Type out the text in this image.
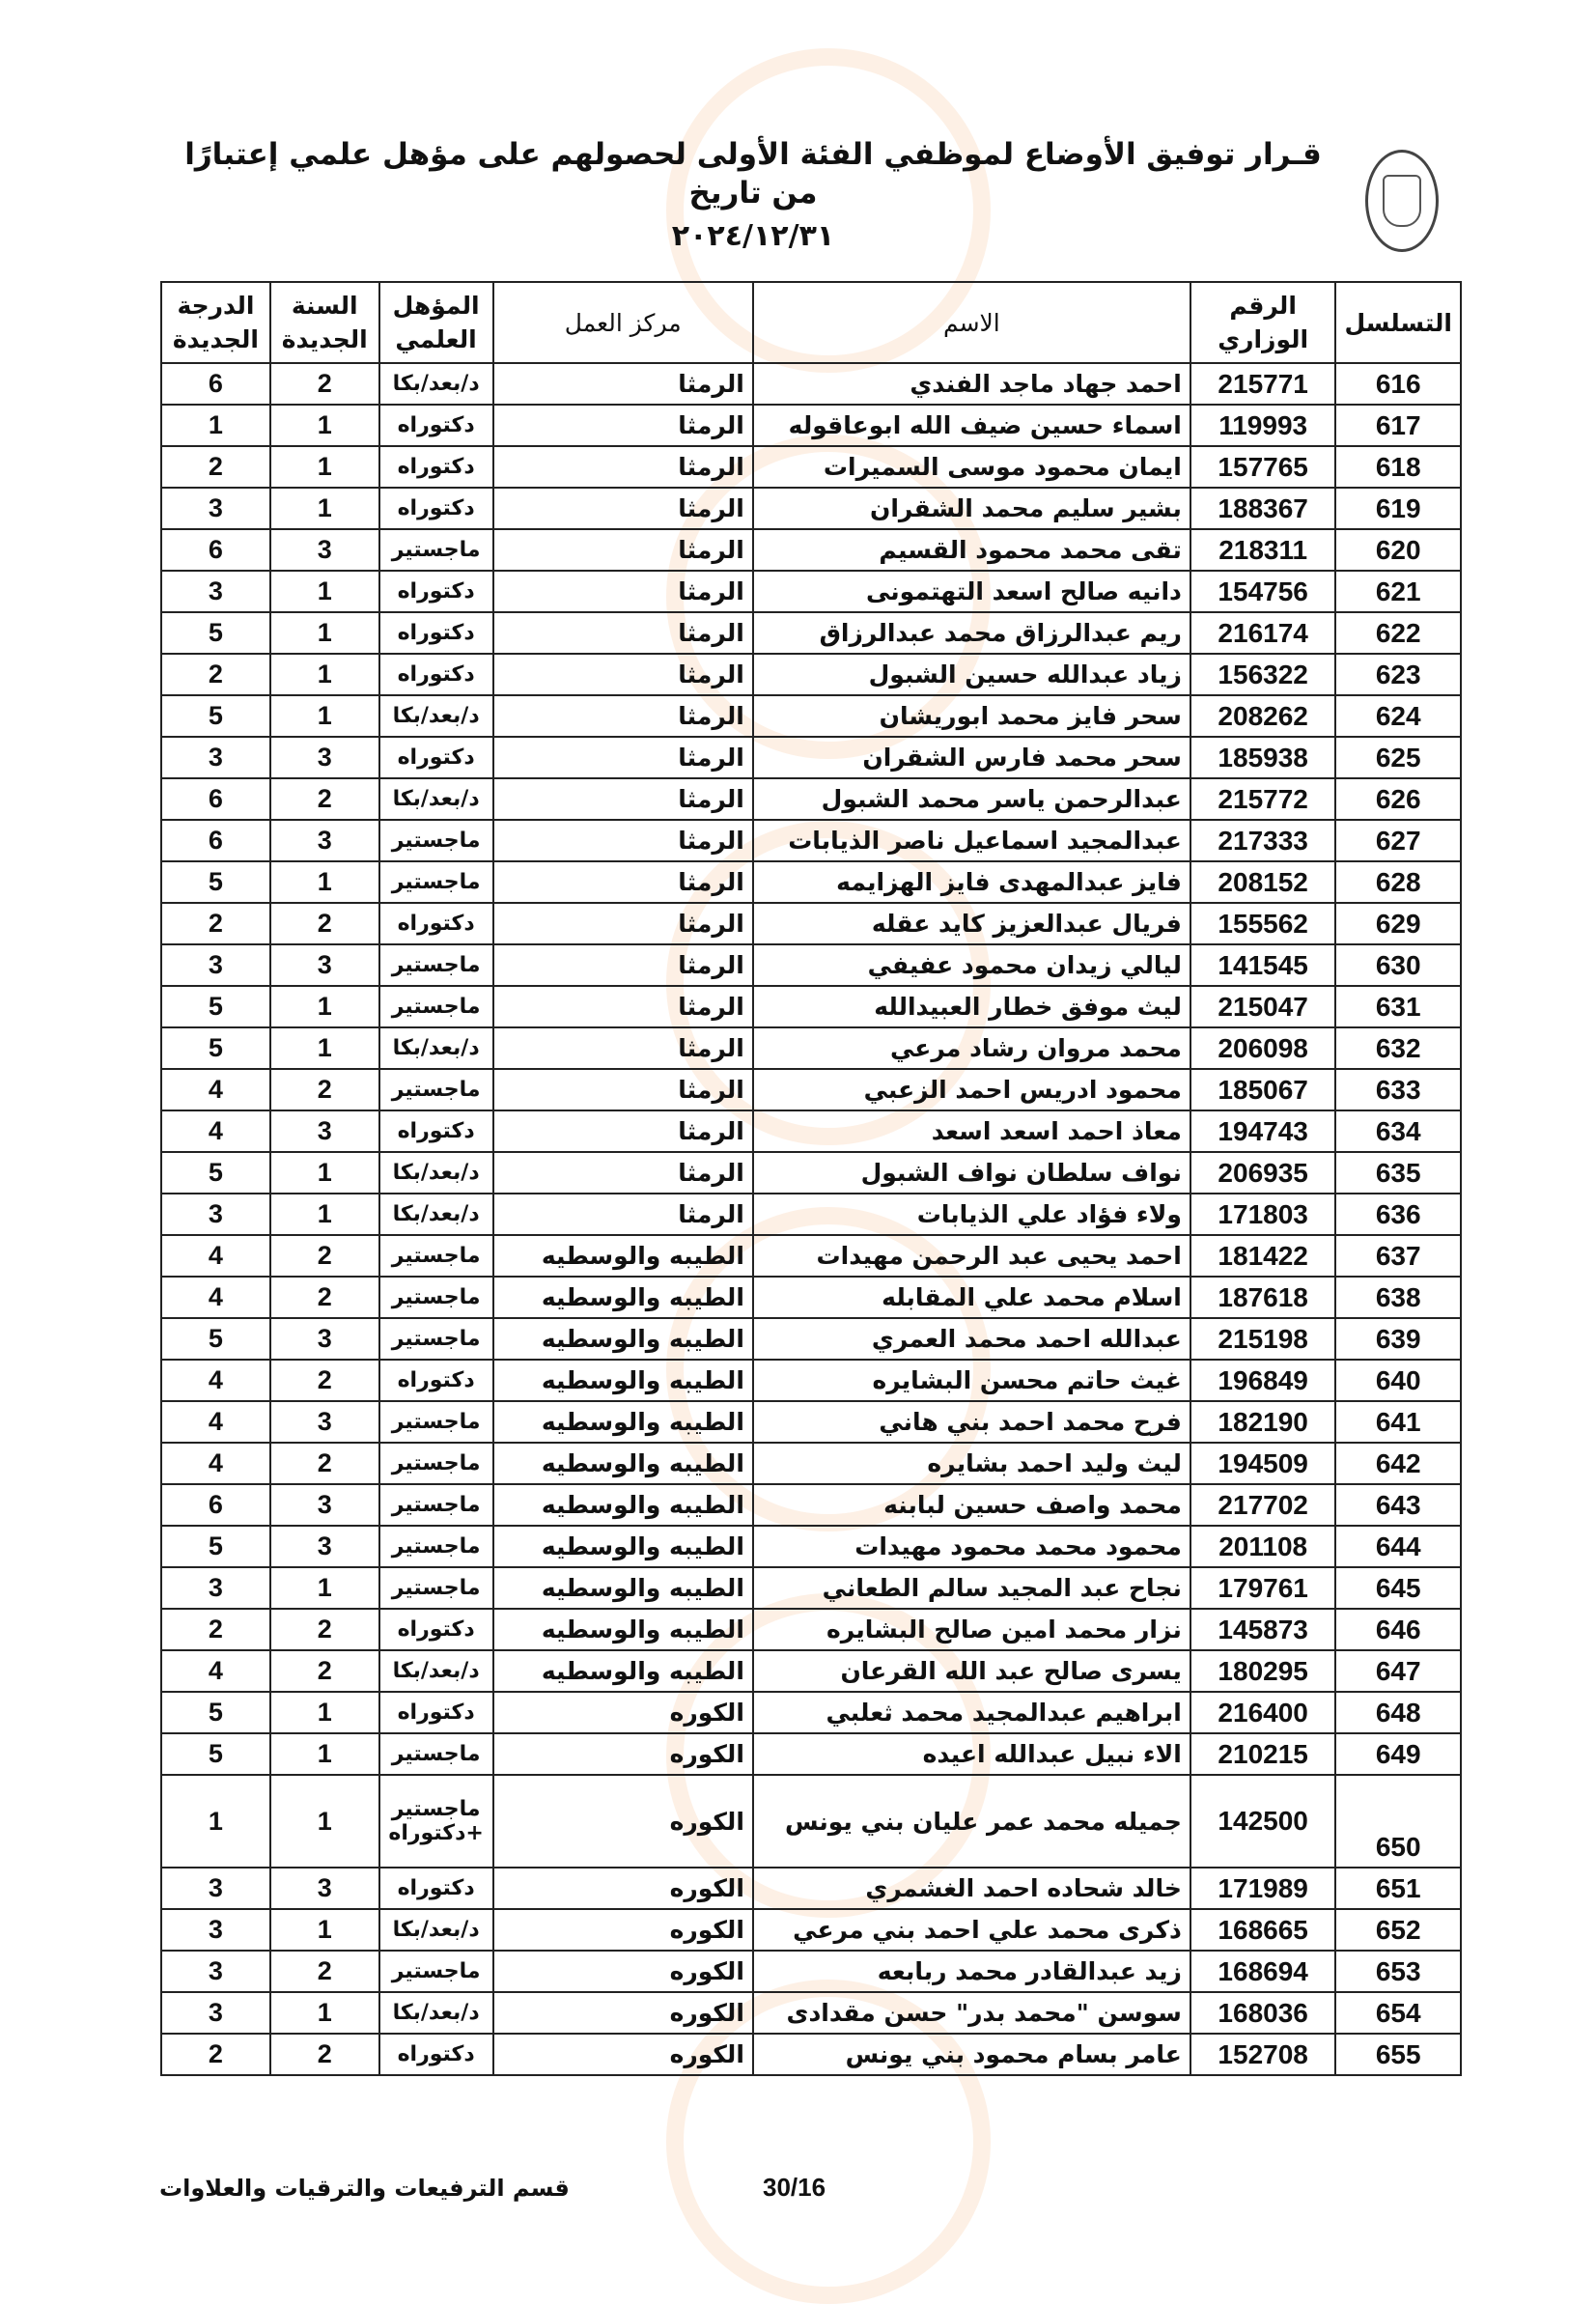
قـرار توفيق الأوضاع لموظفي الفئة الأولى لحصولهم على مؤهل علمي إعتبارًا من تاريخ
٢٠٢٤/١٢/٣١
التسلسل	الرقم الوزاري	الاسم	مركز العمل	المؤهل العلمي	السنة الجديدة	الدرجة الجديدة
616	215771	احمد جهاد ماجد الفندي	الرمثا	د/بعد/بكا	2	6
617	119993	اسماء حسين ضيف الله ابوعاقوله	الرمثا	دكتوراه	1	1
618	157765	ايمان محمود موسى السميرات	الرمثا	دكتوراه	1	2
619	188367	بشير سليم محمد الشقران	الرمثا	دكتوراه	1	3
620	218311	تقى محمد محمود القسيم	الرمثا	ماجستير	3	6
621	154756	دانيه صالح اسعد التهتمونى	الرمثا	دكتوراه	1	3
622	216174	ريم عبدالرزاق محمد عبدالرزاق	الرمثا	دكتوراه	1	5
623	156322	زياد عبدالله حسين الشبول	الرمثا	دكتوراه	1	2
624	208262	سحر فايز محمد ابوريشان	الرمثا	د/بعد/بكا	1	5
625	185938	سحر محمد فارس الشقران	الرمثا	دكتوراه	3	3
626	215772	عبدالرحمن ياسر محمد الشبول	الرمثا	د/بعد/بكا	2	6
627	217333	عبدالمجيد اسماعيل ناصر الذيابات	الرمثا	ماجستير	3	6
628	208152	فايز عبدالمهدى فايز الهزايمه	الرمثا	ماجستير	1	5
629	155562	فريال عبدالعزيز كايد عقله	الرمثا	دكتوراه	2	2
630	141545	ليالي زيدان محمود عفيفي	الرمثا	ماجستير	3	3
631	215047	ليث موفق خطار العبيدالله	الرمثا	ماجستير	1	5
632	206098	محمد مروان رشاد مرعي	الرمثا	د/بعد/بكا	1	5
633	185067	محمود ادريس احمد الزعبي	الرمثا	ماجستير	2	4
634	194743	معاذ احمد اسعد اسعد	الرمثا	دكتوراه	3	4
635	206935	نواف سلطان نواف الشبول	الرمثا	د/بعد/بكا	1	5
636	171803	ولاء فؤاد علي الذيابات	الرمثا	د/بعد/بكا	1	3
637	181422	احمد يحيى عبد الرحمن مهيدات	الطيبه والوسطيه	ماجستير	2	4
638	187618	اسلام محمد علي المقابله	الطيبه والوسطيه	ماجستير	2	4
639	215198	عبدالله احمد محمد العمري	الطيبه والوسطيه	ماجستير	3	5
640	196849	غيث حاتم محسن البشايره	الطيبه والوسطيه	دكتوراه	2	4
641	182190	فرح محمد احمد بني هاني	الطيبه والوسطيه	ماجستير	3	4
642	194509	ليث وليد احمد بشايره	الطيبه والوسطيه	ماجستير	2	4
643	217702	محمد واصف حسين لبابنه	الطيبه والوسطيه	ماجستير	3	6
644	201108	محمود محمد محمود مهيدات	الطيبه والوسطيه	ماجستير	3	5
645	179761	نجاح عبد المجيد سالم الطعاني	الطيبه والوسطيه	ماجستير	1	3
646	145873	نزار محمد امين صالح البشايره	الطيبه والوسطيه	دكتوراه	2	2
647	180295	يسرى صالح عبد الله القرعان	الطيبه والوسطيه	د/بعد/بكا	2	4
648	216400	ابراهيم عبدالمجيد محمد ثعلبي	الكوره	دكتوراه	1	5
649	210215	الاء نبيل عبدالله اعيده	الكوره	ماجستير	1	5
650	142500	جميله محمد عمر عليان بني يونس	الكوره	ماجستير +دكتوراه	1	1
651	171989	خالد شحاده احمد الغشمري	الكوره	دكتوراه	3	3
652	168665	ذكرى محمد علي احمد بني مرعي	الكوره	د/بعد/بكا	1	3
653	168694	زيد عبدالقادر محمد ربابعه	الكوره	ماجستير	2	3
654	168036	سوسن "محمد بدر" حسن مقدادى	الكوره	د/بعد/بكا	1	3
655	152708	عامر بسام محمود بني يونس	الكوره	دكتوراه	2	2
30/16
قسم الترفيعات والترقيات والعلاوات
